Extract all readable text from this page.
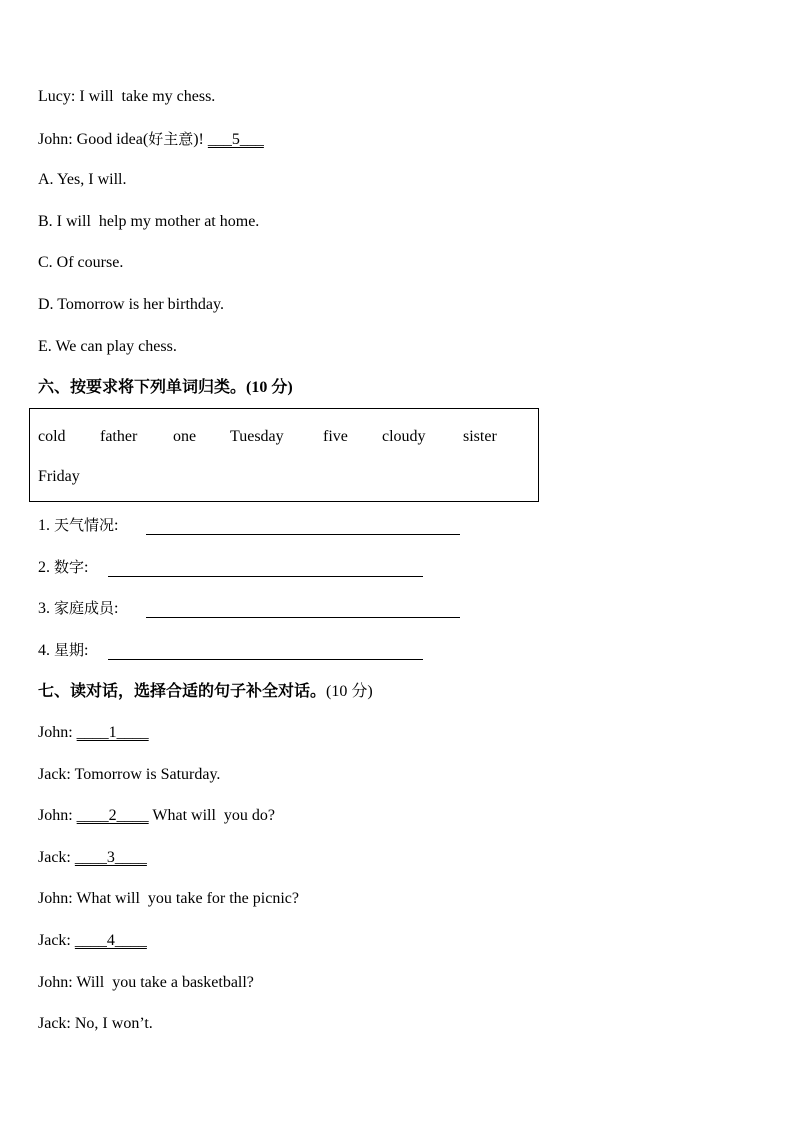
Lucy: I will  take my chess.
John: Good idea(好主意)! ___5___
A. Yes, I will.
B. I will  help my mother at home.
C. Of course.
D. Tomorrow is her birthday.
E. We can play chess.
六、按要求将下列单词归类。(10 分)
cold father one Tuesday five cloudy sister
Friday
1. 天气情况:
2. 数字:
3. 家庭成员:
4. 星期:
七、读对话，选择合适的句子补全对话。(10 分)
John: ____1____
Jack: Tomorrow is Saturday.
John: ____2____ What will  you do?
Jack: ____3____
John: What will  you take for the picnic?
Jack: ____4____
John: Will  you take a basketball?
Jack: No, I won’t.
